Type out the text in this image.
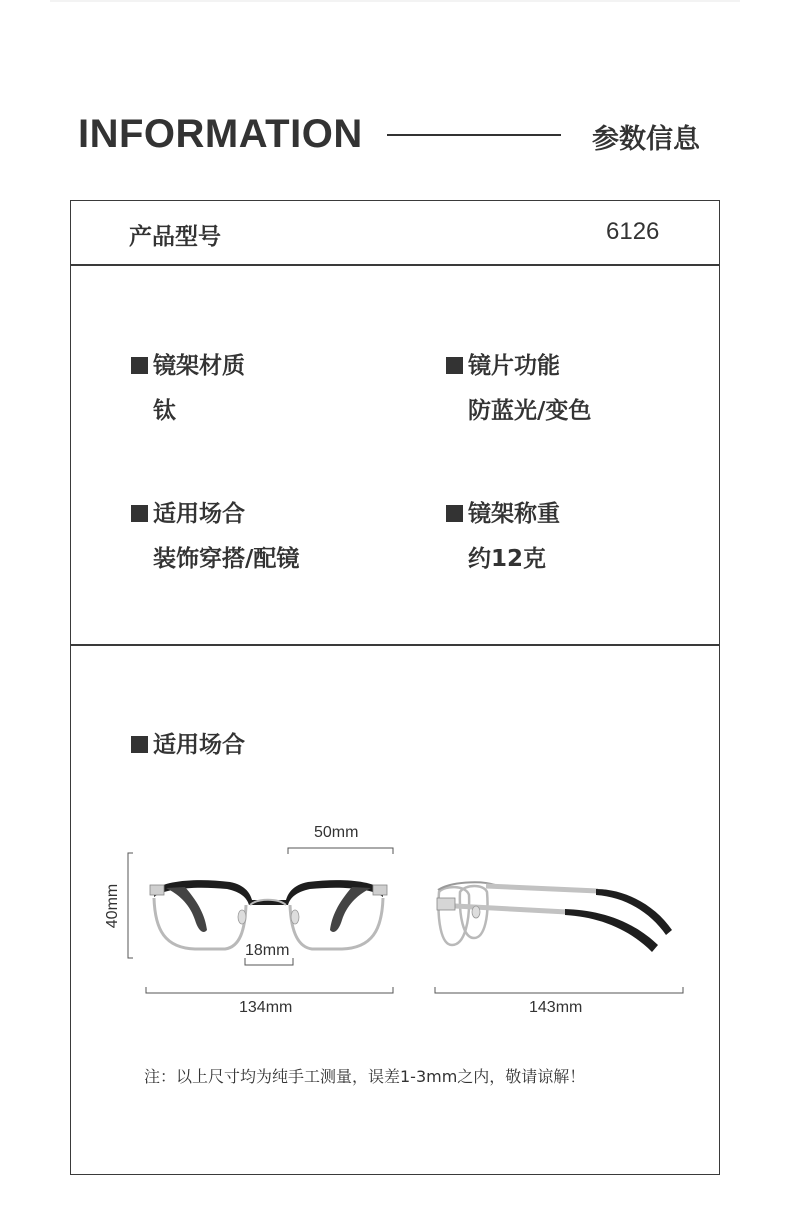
INFORMATION	参数信息
产品型号	6126
镜架材质
钛
镜片功能
防蓝光/变色
适用场合
装饰穿搭/配镜
镜架称重
约12克
适用场合
50mm
40mm
18mm
134mm	143mm
注：以上尺寸均为纯手工测量，误差1-3mm之内，敬请谅解！
